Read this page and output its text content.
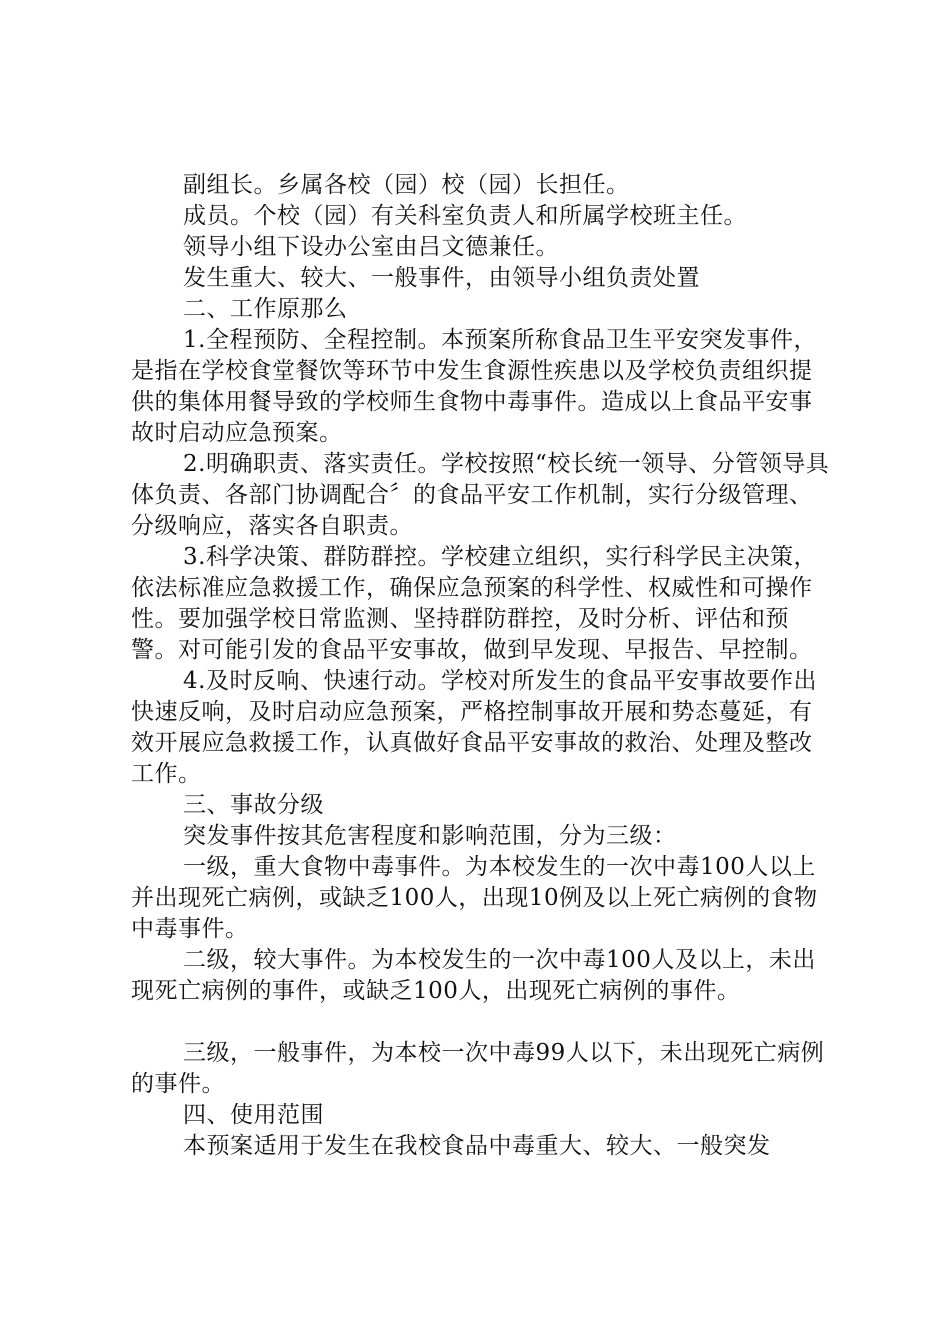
副组长。乡属各校（园）校（园）长担任。

成员。个校（园）有关科室负责人和所属学校班主任。

领导小组下设办公室由吕文德兼任。

发生重大、较大、一般事件，由领导小组负责处置

二、工作原那么

1.全程预防、全程控制。本预案所称食品卫生平安突发事件，是指在学校食堂餐饮等环节中发生食源性疾患以及学校负责组织提供的集体用餐导致的学校师生食物中毒事件。造成以上食品平安事故时启动应急预案。

2.明确职责、落实责任。学校按照“校长统一领导、分管领导具体负责、各部门协调配合〞的食品平安工作机制，实行分级管理、分级响应，落实各自职责。

3.科学决策、群防群控。学校建立组织，实行科学民主决策，依法标准应急救援工作，确保应急预案的科学性、权威性和可操作性。要加强学校日常监测、坚持群防群控，及时分析、评估和预警。对可能引发的食品平安事故，做到早发现、早报告、早控制。

4.及时反响、快速行动。学校对所发生的食品平安事故要作出快速反响，及时启动应急预案，严格控制事故开展和势态蔓延，有效开展应急救援工作，认真做好食品平安事故的救治、处理及整改工作。

三、事故分级

突发事件按其危害程度和影响范围，分为三级：

一级，重大食物中毒事件。为本校发生的一次中毒100人以上并出现死亡病例，或缺乏100人，出现10例及以上死亡病例的食物中毒事件。

二级，较大事件。为本校发生的一次中毒100人及以上，未出现死亡病例的事件，或缺乏100人，出现死亡病例的事件。

三级，一般事件，为本校一次中毒99人以下，未出现死亡病例的事件。

四、使用范围

本预案适用于发生在我校食品中毒重大、较大、一般突发
